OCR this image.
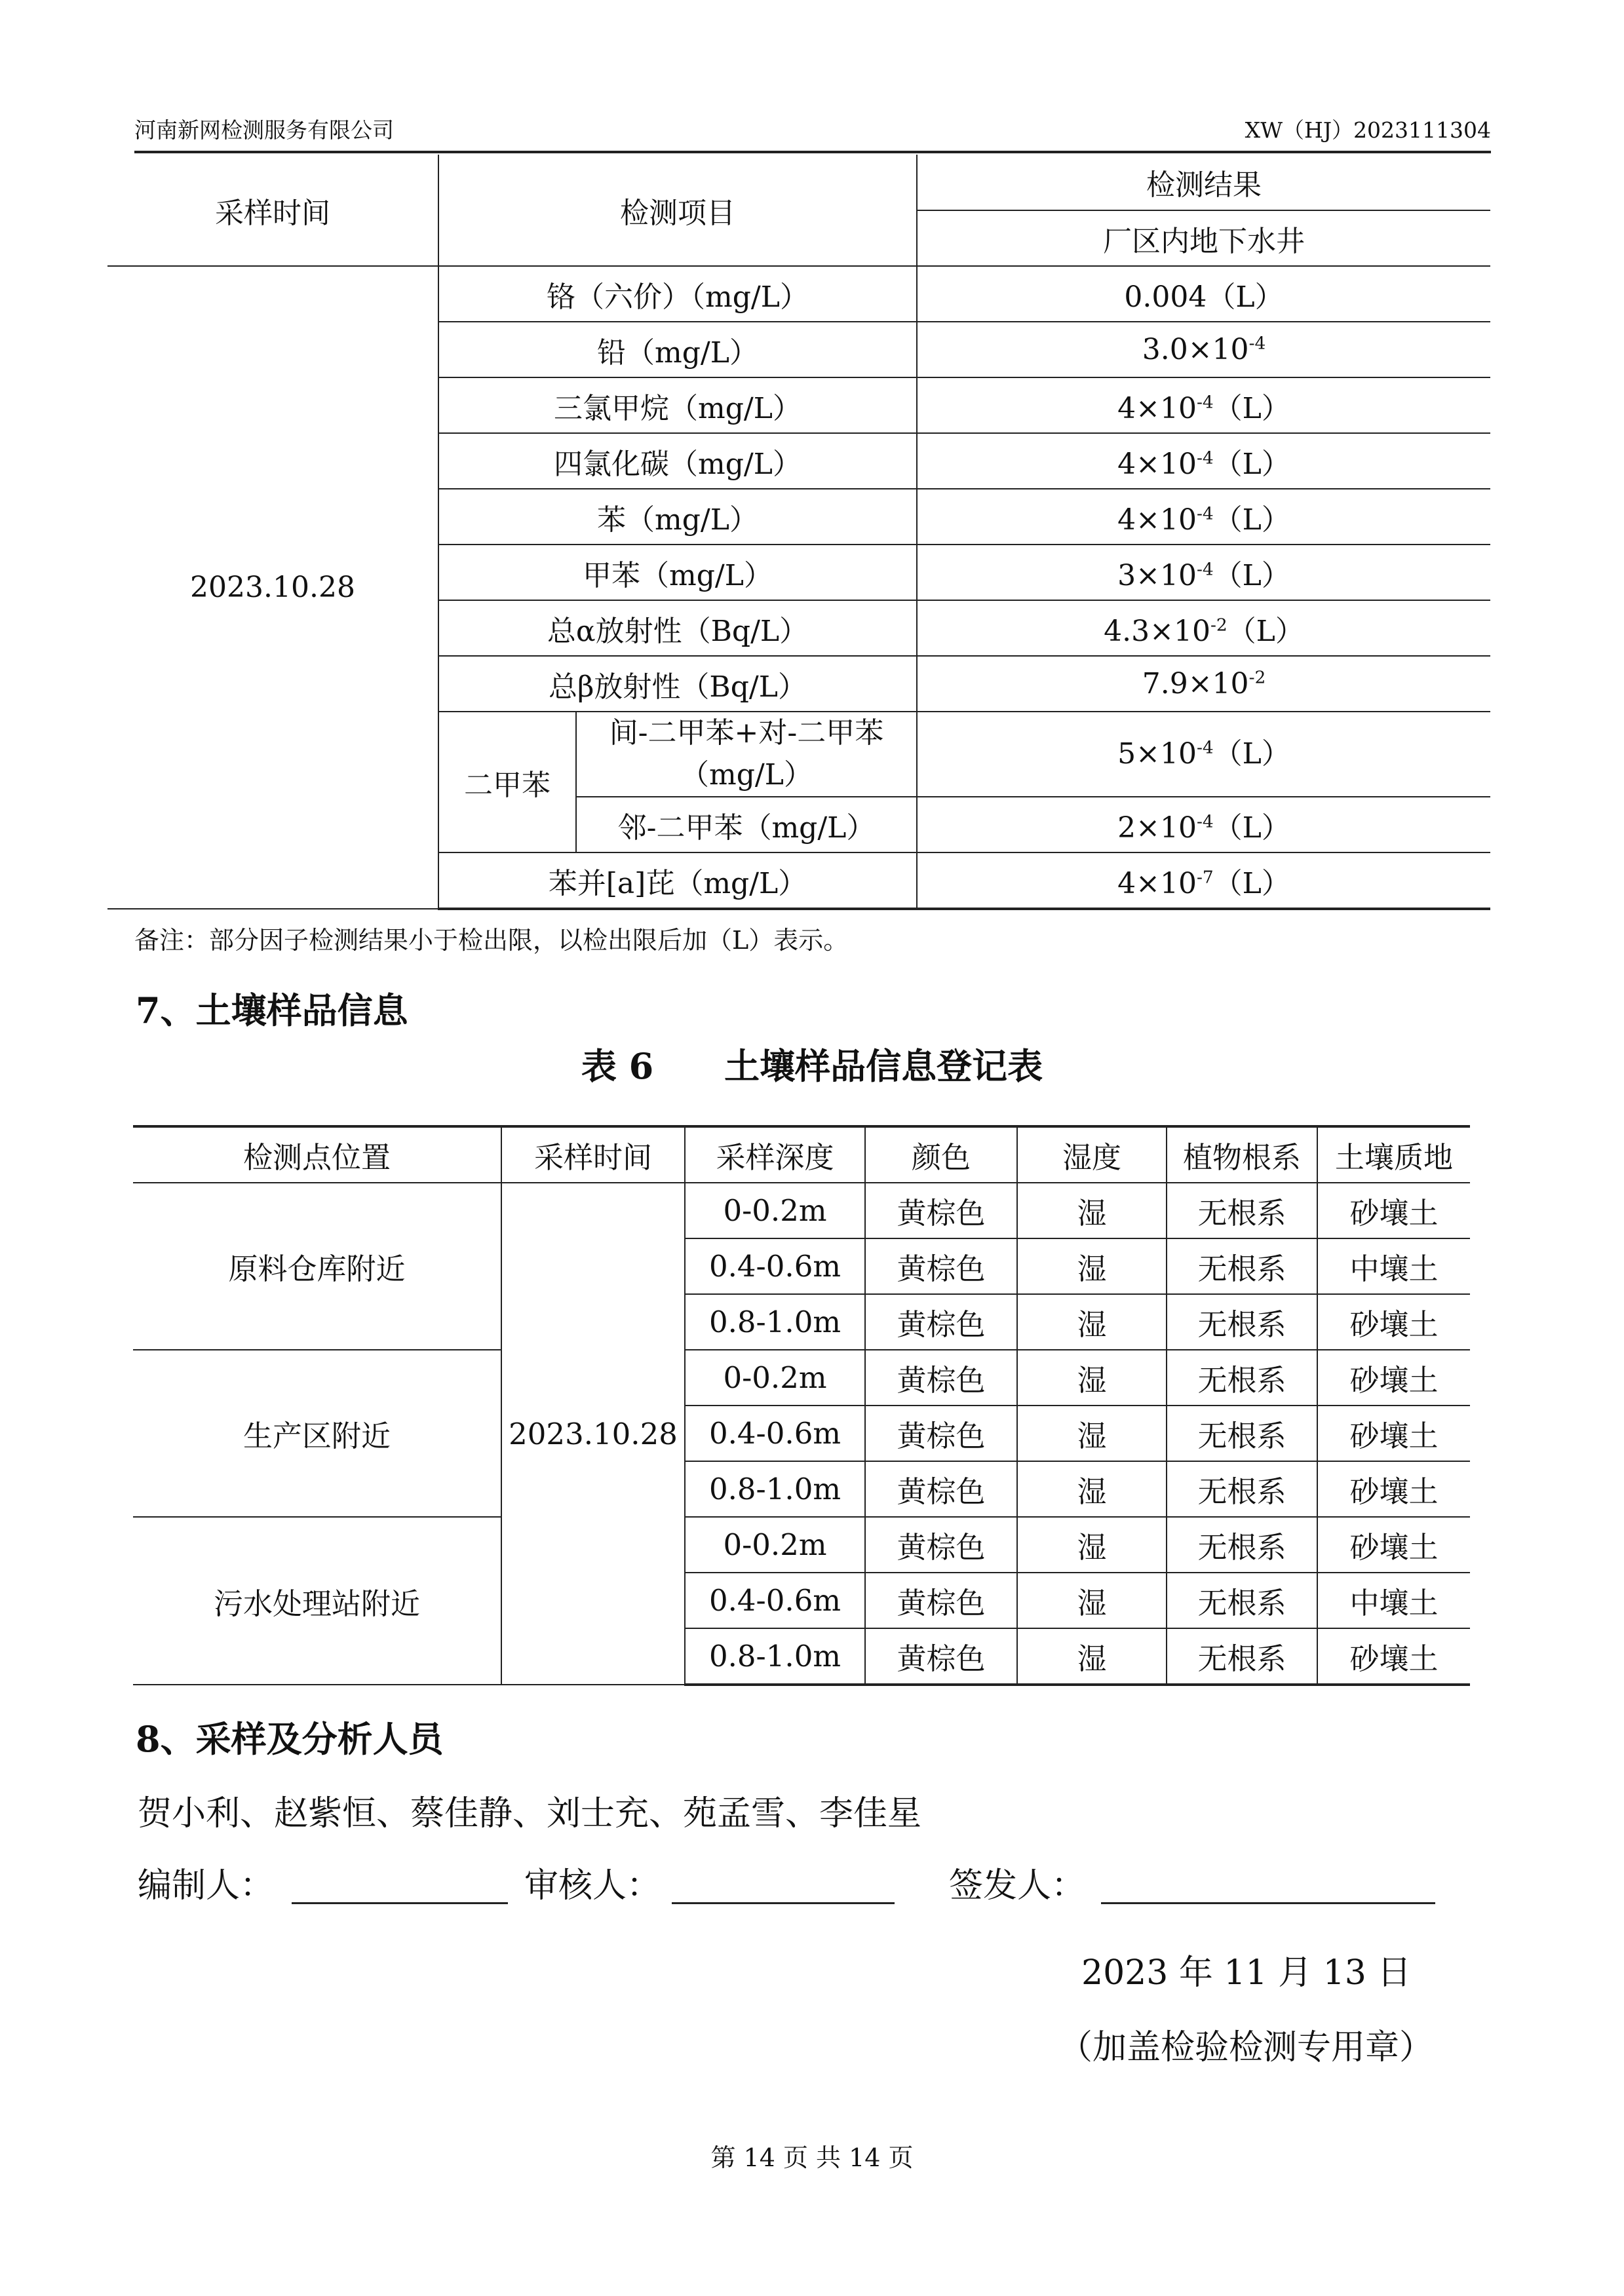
河南新网检测服务有限公司	XW（HJ）2023111304
采样时间	检测项目		检测结果
			厂区内地下水井
2023.10.28	铬（六价）（mg/L）		0.004（L）
	铅（mg/L）		$3.0\times 10^{-4}$
	三氯甲烷（mg/L）		$4\times 10^{-4}(L)$
	四氯化碳（mg/L）		$4\times 10^{-4}(L)$
	苯（mg/L）		$4\times 10^{-4}(L)$
	甲苯（mg/L）		$3\times 10^{-4}(L)$
	总α放射性（Bq/L）		$4.3\times 10^{-2}(L)$
	总β放射性（Bq/L）		$7.9\times 10^{-2}$
	二甲苯	间-二甲苯+对-二甲苯（mg/L）	$5\times 10^{-4}(L)$
		邻-二甲苯（mg/L）	$2\times 10^{-4}(L)$
	苯并[a]芘（mg/L）		$4\times 10^{-7}(L)$
备注：部分因子检测结果小于检出限，以检出限后加（L）表示。
7、土壤样品信息
表 6　　土壤样品信息登记表
检测点位置	采样时间	采样深度	颜色	湿度	植物根系	土壤质地
原料仓库附近	2023.10.28	0-0.2m	黄棕色	湿	无根系	砂壤土
		0.4-0.6m	黄棕色	湿	无根系	中壤土
		0.8-1.0m	黄棕色	湿	无根系	砂壤土
生产区附近		0-0.2m	黄棕色	湿	无根系	砂壤土
		0.4-0.6m	黄棕色	湿	无根系	砂壤土
		0.8-1.0m	黄棕色	湿	无根系	砂壤土
污水处理站附近		0-0.2m	黄棕色	湿	无根系	砂壤土
		0.4-0.6m	黄棕色	湿	无根系	中壤土
		0.8-1.0m	黄棕色	湿	无根系	砂壤土
8、采样及分析人员
贺小利、赵紫恒、蔡佳静、刘士充、苑孟雪、李佳星
编制人：	审核人：	签发人：
2023 年 11 月 13 日
（加盖检验检测专用章）
第 14 页 共 14 页
